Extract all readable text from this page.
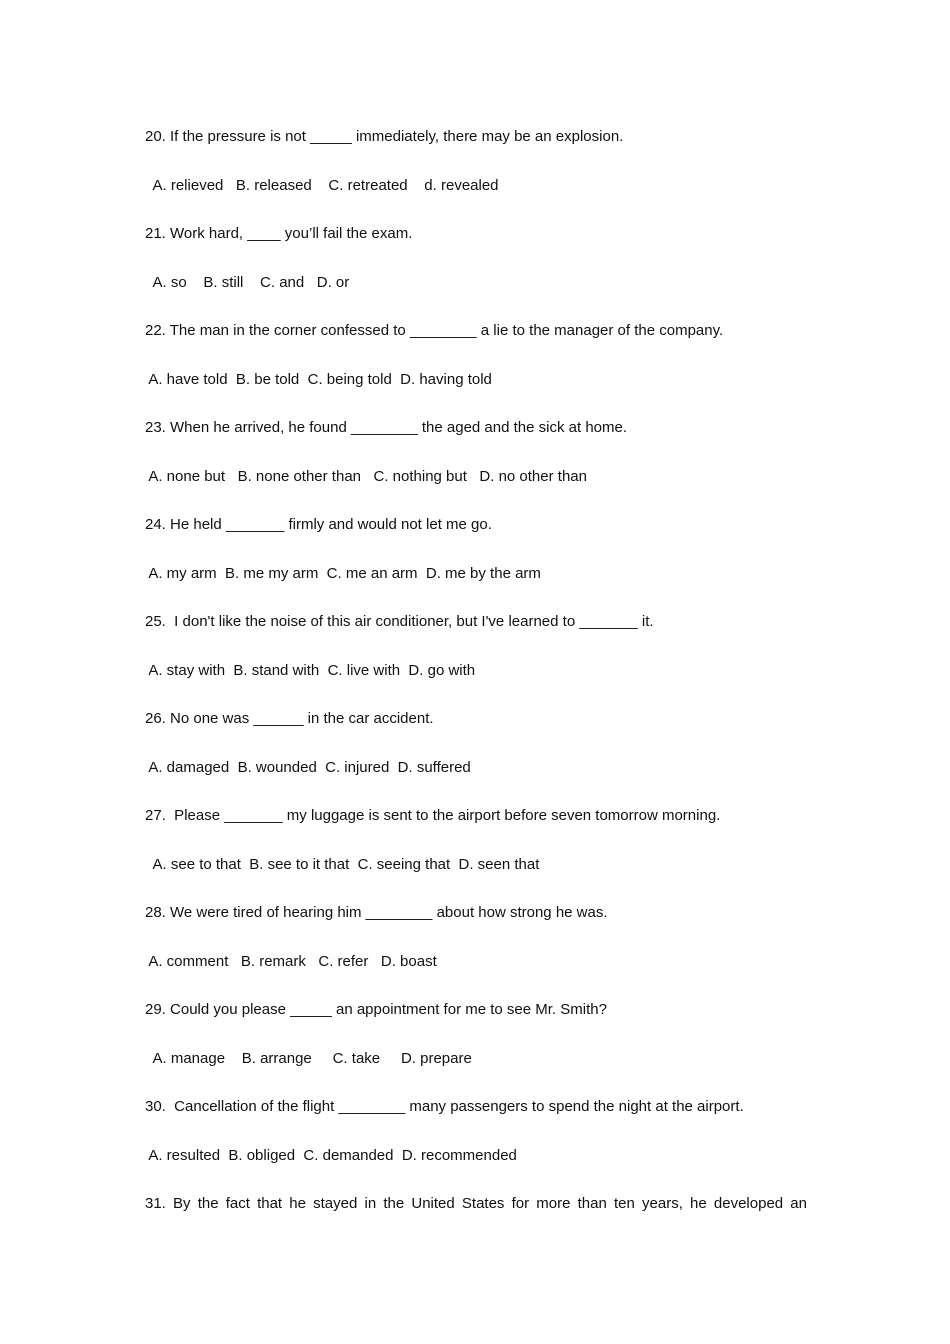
20. If the pressure is not _____ immediately, there may be an explosion.
A. relieved   B. released    C. retreated    d. revealed
21. Work hard, ____ you’ll fail the exam.
A. so    B. still    C. and   D. or
22. The man in the corner confessed to ________ a lie to the manager of the company.
A. have told  B. be told  C. being told  D. having told
23. When he arrived, he found ________ the aged and the sick at home.
A. none but   B. none other than   C. nothing but   D. no other than
24. He held _______ firmly and would not let me go.
A. my arm  B. me my arm  C. me an arm  D. me by the arm
25.  I don't like the noise of this air conditioner, but I've learned to _______ it.
A. stay with  B. stand with  C. live with  D. go with
26. No one was ______ in the car accident.
A. damaged  B. wounded  C. injured  D. suffered
27.  Please _______ my luggage is sent to the airport before seven tomorrow morning.
A. see to that  B. see to it that  C. seeing that  D. seen that
28. We were tired of hearing him ________ about how strong he was.
A. comment   B. remark   C. refer   D. boast
29. Could you please _____ an appointment for me to see Mr. Smith?
A. manage    B. arrange     C. take     D. prepare
30.  Cancellation of the flight ________ many passengers to spend the night at the airport.
A. resulted  B. obliged  C. demanded  D. recommended
31. By the fact that he stayed in the United States for more than ten years, he developed an
